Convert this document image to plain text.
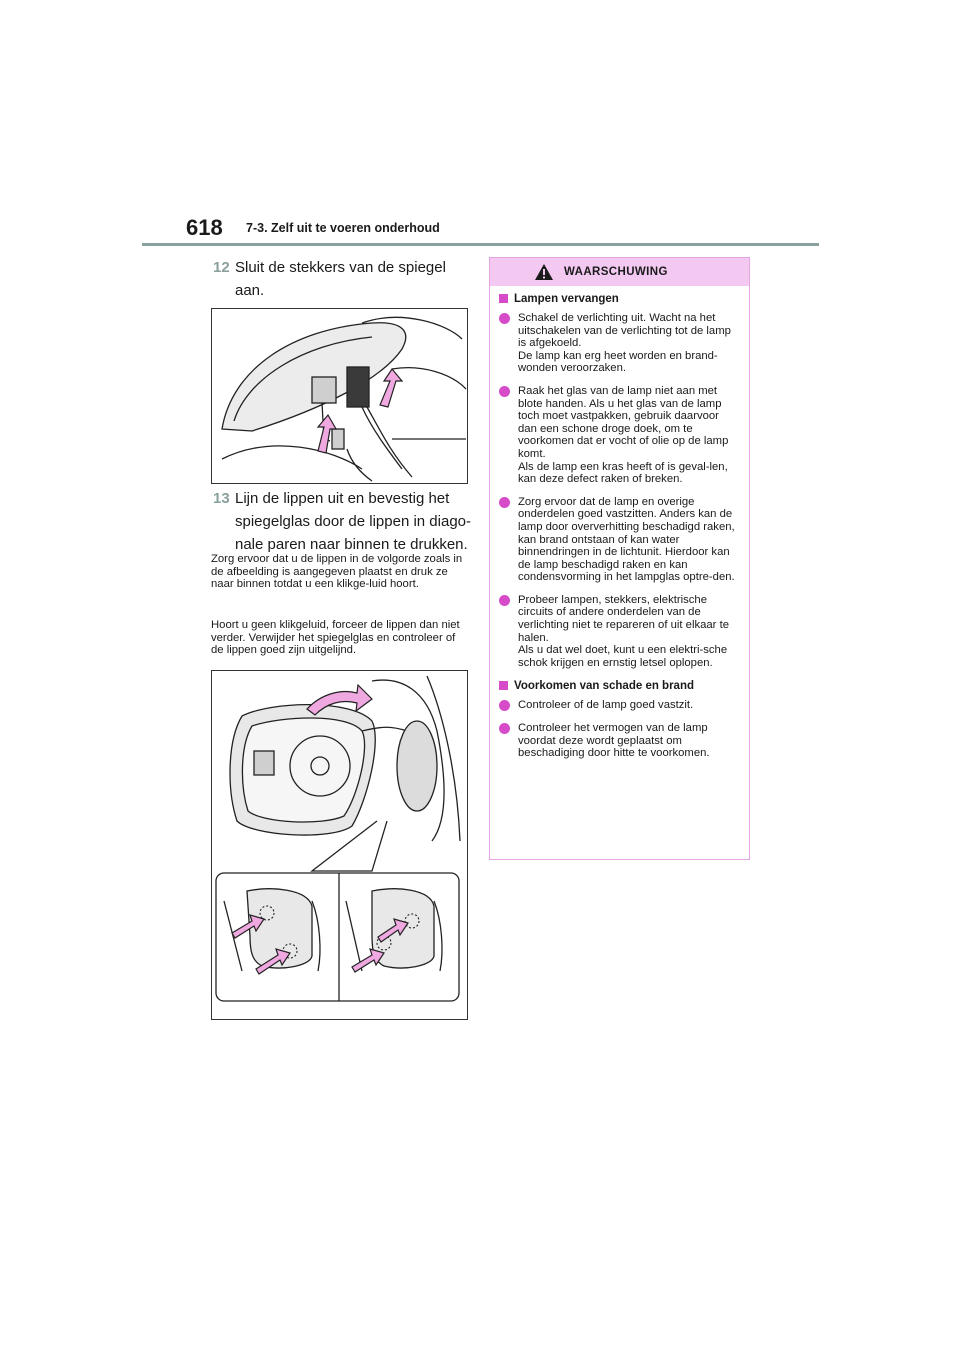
618 7-3. Zelf uit te voeren onderhoud
12 Sluit de stekkers van de spiegel aan.
13 Lijn de lippen uit en bevestig het spiegelglas door de lippen in diago-nale paren naar binnen te drukken.
Zorg ervoor dat u de lippen in de volgorde zoals in de afbeelding is aangegeven plaatst en druk ze naar binnen totdat u een klikge-luid hoort.
Hoort u geen klikgeluid, forceer de lippen dan niet verder. Verwijder het spiegelglas en controleer of de lippen goed zijn uitgelijnd.
WAARSCHUWING
Lampen vervangen
Schakel de verlichting uit. Wacht na het uitschakelen van de verlichting tot de lamp is afgekoeld.
De lamp kan erg heet worden en brand-wonden veroorzaken.
Raak het glas van de lamp niet aan met blote handen. Als u het glas van de lamp toch moet vastpakken, gebruik daarvoor dan een schone droge doek, om te voorkomen dat er vocht of olie op de lamp komt.
Als de lamp een kras heeft of is geval-len, kan deze defect raken of breken.
Zorg ervoor dat de lamp en overige onderdelen goed vastzitten. Anders kan de lamp door oververhitting beschadigd raken, kan brand ontstaan of kan water binnendringen in de lichtunit. Hierdoor kan de lamp beschadigd raken en kan condensvorming in het lampglas optre-den.
Probeer lampen, stekkers, elektrische circuits of andere onderdelen van de verlichting niet te repareren of uit elkaar te halen.
Als u dat wel doet, kunt u een elektri-sche schok krijgen en ernstig letsel oplopen.
Voorkomen van schade en brand
Controleer of de lamp goed vastzit.
Controleer het vermogen van de lamp voordat deze wordt geplaatst om beschadiging door hitte te voorkomen.
